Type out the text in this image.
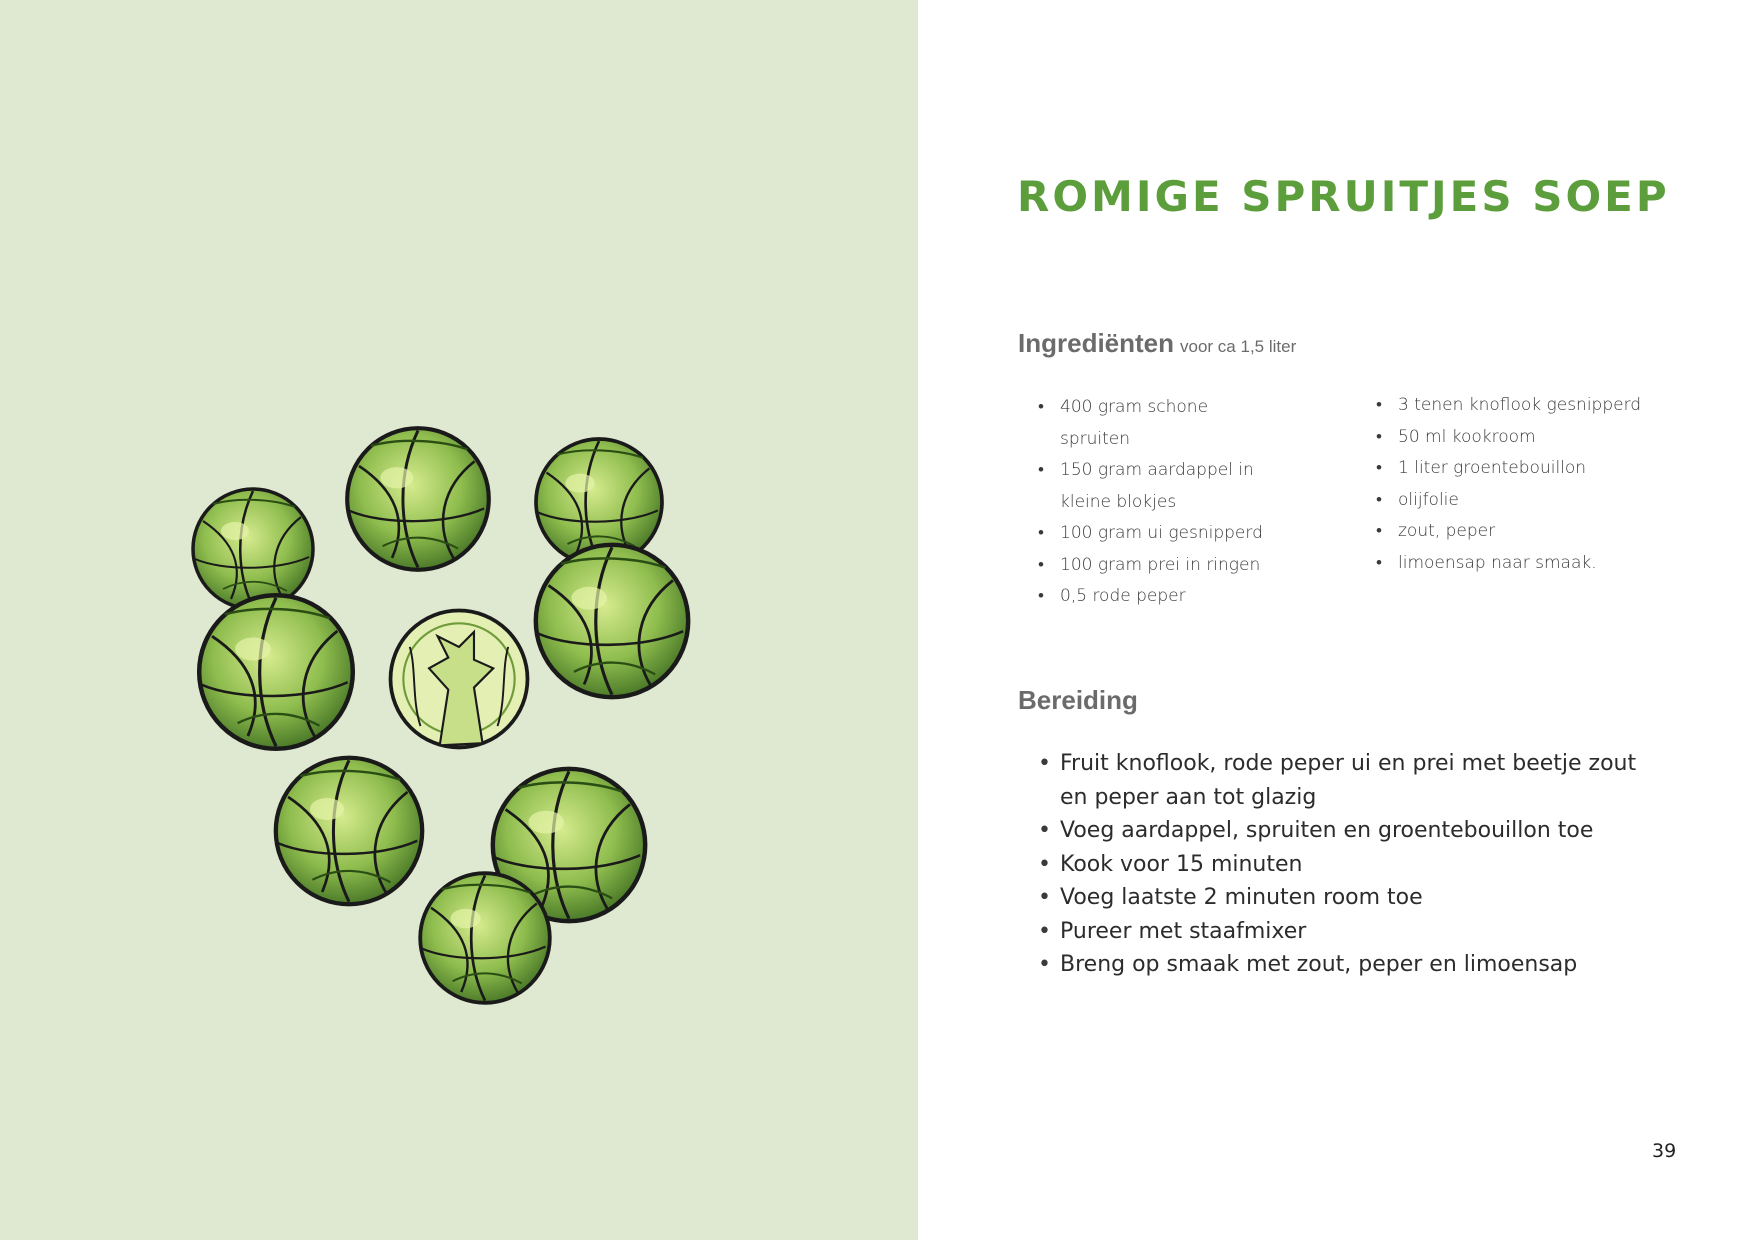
ROMIGE SPRUITJES SOEP
Ingrediënten voor ca 1,5 liter
• 400 gram schone spruiten
• 150 gram aardappel in kleine blokjes
• 100 gram ui gesnipperd
• 100 gram prei in ringen
• 0,5 rode peper
• 3 tenen knoflook gesnipperd
• 50 ml kookroom
• 1 liter groentebouillon
• olijfolie
• zout, peper
• limoensap naar smaak.
Bereiding
• Fruit knoflook, rode peper ui en prei met beetje zout en peper aan tot glazig
• Voeg aardappel, spruiten en groentebouillon toe
• Kook voor 15 minuten
• Voeg laatste 2 minuten room toe
• Pureer met staafmixer
• Breng op smaak met zout, peper en limoensap

39
